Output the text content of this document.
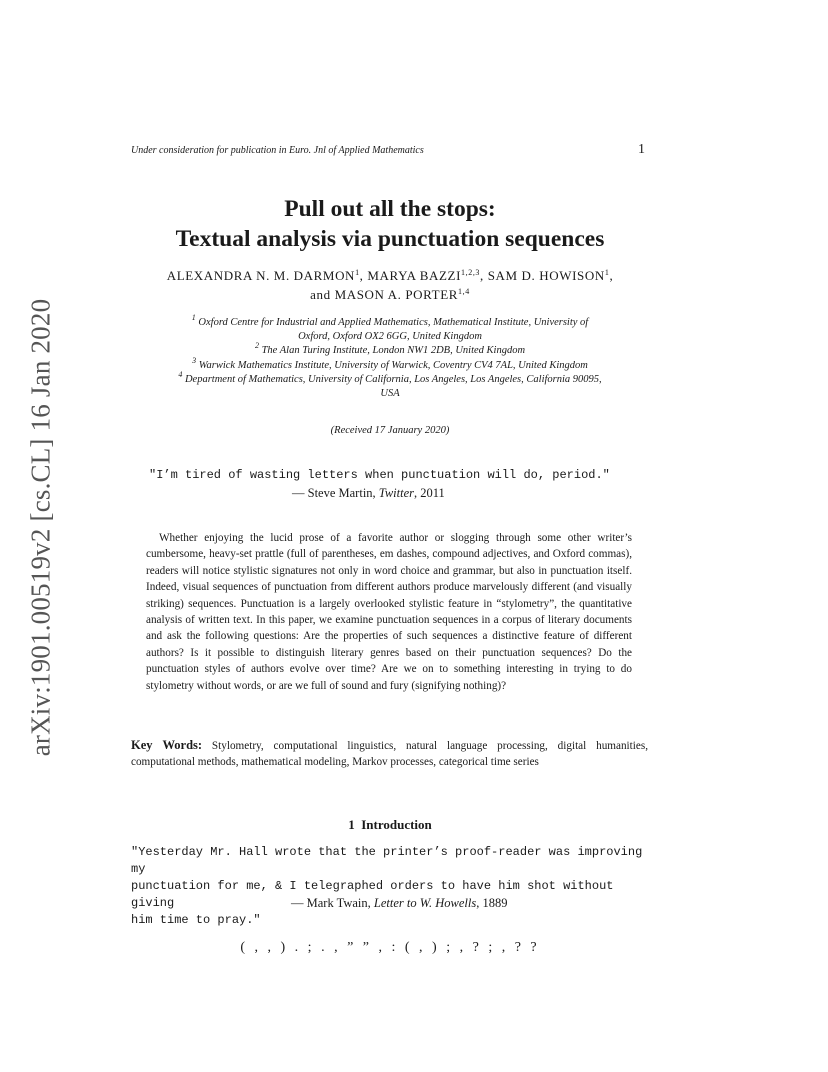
arXiv:1901.00519v2 [cs.CL] 16 Jan 2020
Under consideration for publication in Euro. Jnl of Applied Mathematics	1
Pull out all the stops:
Textual analysis via punctuation sequences
ALEXANDRA N. M. DARMON$^1$, MARYA BAZZI$^{1,2,3}$, SAM D. HOWISON$^1$,
and MASON A. PORTER$^{1,4}$
$^1$ Oxford Centre for Industrial and Applied Mathematics, Mathematical Institute, University of
Oxford, Oxford OX2 6GG, United Kingdom
$^2$ The Alan Turing Institute, London NW1 2DB, United Kingdom
$^3$ Warwick Mathematics Institute, University of Warwick, Coventry CV4 7AL, United Kingdom
$^4$ Department of Mathematics, University of California, Los Angeles, Los Angeles, California 90095,
USA
(Received 17 January 2020)
"I’m tired of wasting letters when punctuation will do, period."
— Steve Martin, Twitter, 2011
Whether enjoying the lucid prose of a favorite author or slogging through some other writer’s cumbersome, heavy-set prattle (full of parentheses, em dashes, compound adjectives, and Oxford commas), readers will notice stylistic signatures not only in word choice and grammar, but also in punctuation itself. Indeed, visual sequences of punctuation from different authors produce marvelously different (and visually striking) sequences. Punctuation is a largely overlooked stylistic feature in “stylometry”, the quantitative analysis of written text. In this paper, we examine punctuation sequences in a corpus of literary documents and ask the following questions: Are the properties of such sequences a distinctive feature of different authors? Is it possible to distinguish literary genres based on their punctuation sequences? Do the punctuation styles of authors evolve over time? Are we on to something interesting in trying to do stylometry without words, or are we full of sound and fury (signifying nothing)?
Key Words: Stylometry, computational linguistics, natural language processing, digital humanities, computational methods, mathematical modeling, Markov processes, categorical time series
1 Introduction
"Yesterday Mr. Hall wrote that the printer’s proof-reader was improving my
punctuation for me, & I telegraphed orders to have him shot without giving
him time to pray."
— Mark Twain, Letter to W. Howells, 1889
( , , ) . ; . , ” ” , : ( , ) ; , ? ; , ? ?
